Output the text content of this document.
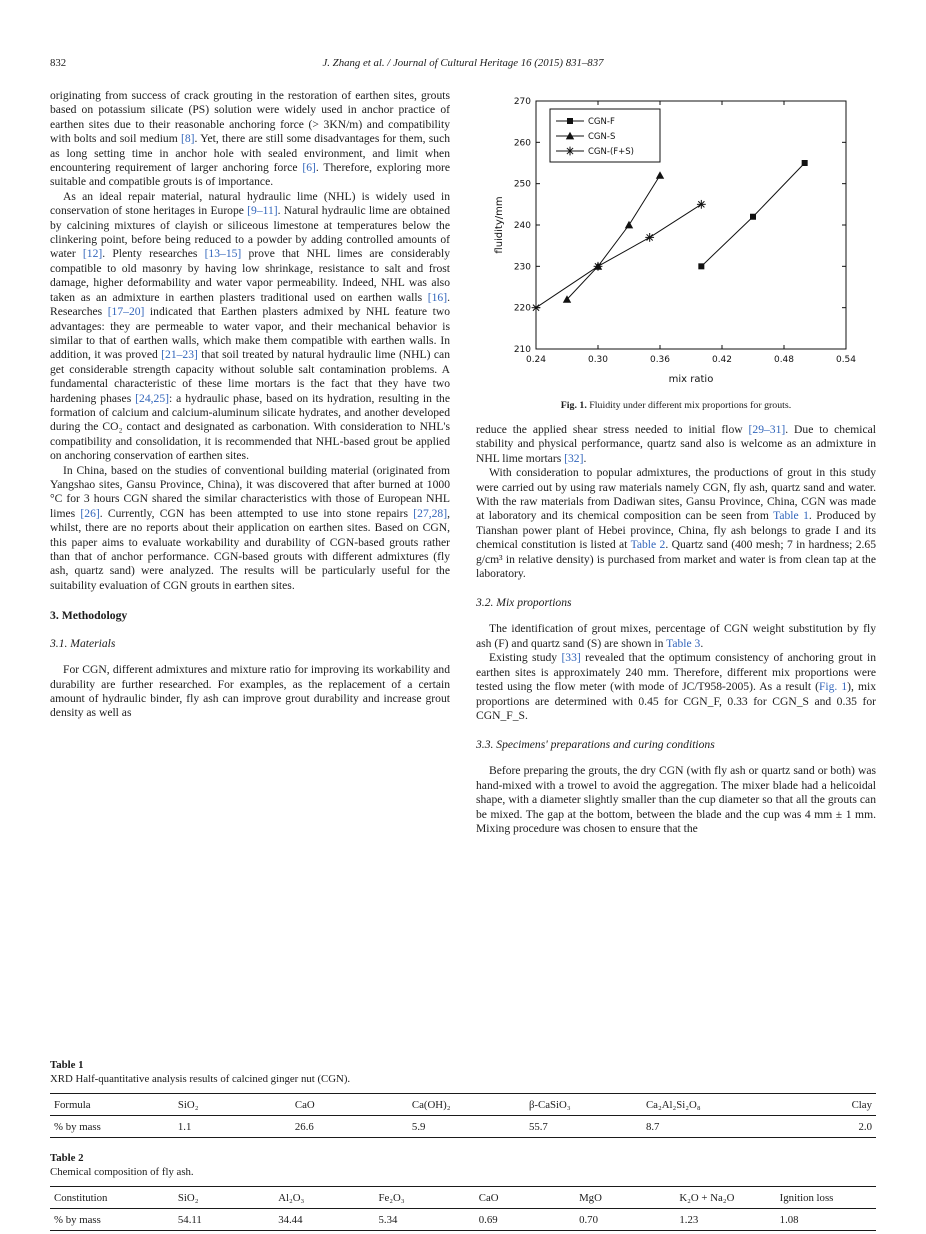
832	J. Zhang et al. / Journal of Cultural Heritage 16 (2015) 831–837

originating from success of crack grouting in the restoration of earthen sites, grouts based on potassium silicate (PS) solution were widely used in anchor practice of earthen sites due to their reasonable anchoring force (> 3KN/m) and compatibility with bolts and soil medium [8]. Yet, there are still some disadvantages for them, such as long setting time in anchor hole with sealed environment, and limit when encountering requirement of larger anchoring force [6]. Therefore, exploring more suitable and compatible grouts is of importance.

As an ideal repair material, natural hydraulic lime (NHL) is widely used in conservation of stone heritages in Europe [9–11]. Natural hydraulic lime are obtained by calcining mixtures of clayish or siliceous limestone at temperatures below the clinkering point, before being reduced to a powder by adding controlled amounts of water [12]. Plenty researches [13–15] prove that NHL limes are considerably compatible to old masonry by having low shrinkage, resistance to salt and frost damage, higher deformability and water vapor permeability. Indeed, NHL was also taken as an admixture in earthen plasters traditional used on earthen walls [16]. Researches [17–20] indicated that Earthen plasters admixed by NHL feature two advantages: they are permeable to water vapor, and their mechanical behavior is similar to that of earthen walls, which make them compatible with earthen walls. In addition, it was proved [21–23] that soil treated by natural hydraulic lime (NHL) can get considerable strength capacity without soluble salt contamination problems. A fundamental characteristic of these lime mortars is the fact that they have two hardening phases [24,25]: a hydraulic phase, based on its hydration, resulting in the formation of calcium and calcium-aluminum silicate hydrates, and another developed during the CO₂ contact and designated as carbonation. With consideration to NHL's compatibility and consolidation, it is recommended that NHL-based grout be applied on anchoring conservation of earthen sites.

In China, based on the studies of conventional building material (originated from Yangshao sites, Gansu Province, China), it was discovered that after burned at 1000 °C for 3 hours CGN shared the similar characteristics with those of European NHL limes [26]. Currently, CGN has been attempted to use into stone repairs [27,28], whilst, there are no reports about their application on earthen sites. Based on CGN, this paper aims to evaluate workability and durability of CGN-based grouts rather than that of anchor performance. CGN-based grouts with different admixtures (fly ash, quartz sand) were analyzed. The results will be particularly useful for the suitability evaluation of CGN grouts in earthen sites.

3. Methodology
3.1. Materials

For CGN, different admixtures and mixture ratio for improving its workability and durability are further researched. For examples, as the replacement of a certain amount of hydraulic binder, fly ash can improve grout durability and increase grout density as well as

210
220
230
240
250
260
270
0.24	0.30	0.36	0.42	0.48	0.54
mix ratio
fluidity/mm
CGN-F
CGN-S
CGN-(F+S)
Fig. 1. Fluidity under different mix proportions for grouts.

reduce the applied shear stress needed to initial flow [29–31]. Due to chemical stability and physical performance, quartz sand also is welcome as an admixture in NHL lime mortars [32].

With consideration to popular admixtures, the productions of grout in this study were carried out by using raw materials namely CGN, fly ash, quartz sand and water. With the raw materials from Dadiwan sites, Gansu Province, China, CGN was made at laboratory and its chemical composition can be seen from Table 1. Produced by Tianshan power plant of Hebei province, China, fly ash belongs to grade I and its chemical constitution is listed at Table 2. Quartz sand (400 mesh; 7 in hardness; 2.65 g/cm³ in relative density) is purchased from market and water is from clean tap at the laboratory.

3.2. Mix proportions

The identification of grout mixes, percentage of CGN weight substitution by fly ash (F) and quartz sand (S) are shown in Table 3.

Existing study [33] revealed that the optimum consistency of anchoring grout in earthen sites is approximately 240 mm. Therefore, different mix proportions were tested using the flow meter (with mode of JC/T958-2005). As a result (Fig. 1), mix proportions are determined with 0.45 for CGN_F, 0.33 for CGN_S and 0.35 for CGN_F_S.

3.3. Specimens' preparations and curing conditions

Before preparing the grouts, the dry CGN (with fly ash or quartz sand or both) was hand-mixed with a trowel to avoid the aggregation. The mixer blade had a helicoidal shape, with a diameter slightly smaller than the cup diameter so that all the grouts can be mixed. The gap at the bottom, between the blade and the cup was 4 mm ± 1 mm. Mixing procedure was chosen to ensure that the

Table 1
XRD Half-quantitative analysis results of calcined ginger nut (CGN).
Formula	SiO₂	CaO	Ca(OH)₂	β-CaSiO₃	Ca₂Al₂Si₂O₈	Clay
% by mass	1.1	26.6	5.9	55.7	8.7	2.0
Table 2
Chemical composition of fly ash.
Constitution	SiO₂	Al₂O₃	Fe₂O₃	CaO	MgO	K₂O + Na₂O	Ignition loss
% by mass	54.11	34.44	5.34	0.69	0.70	1.23	1.08
